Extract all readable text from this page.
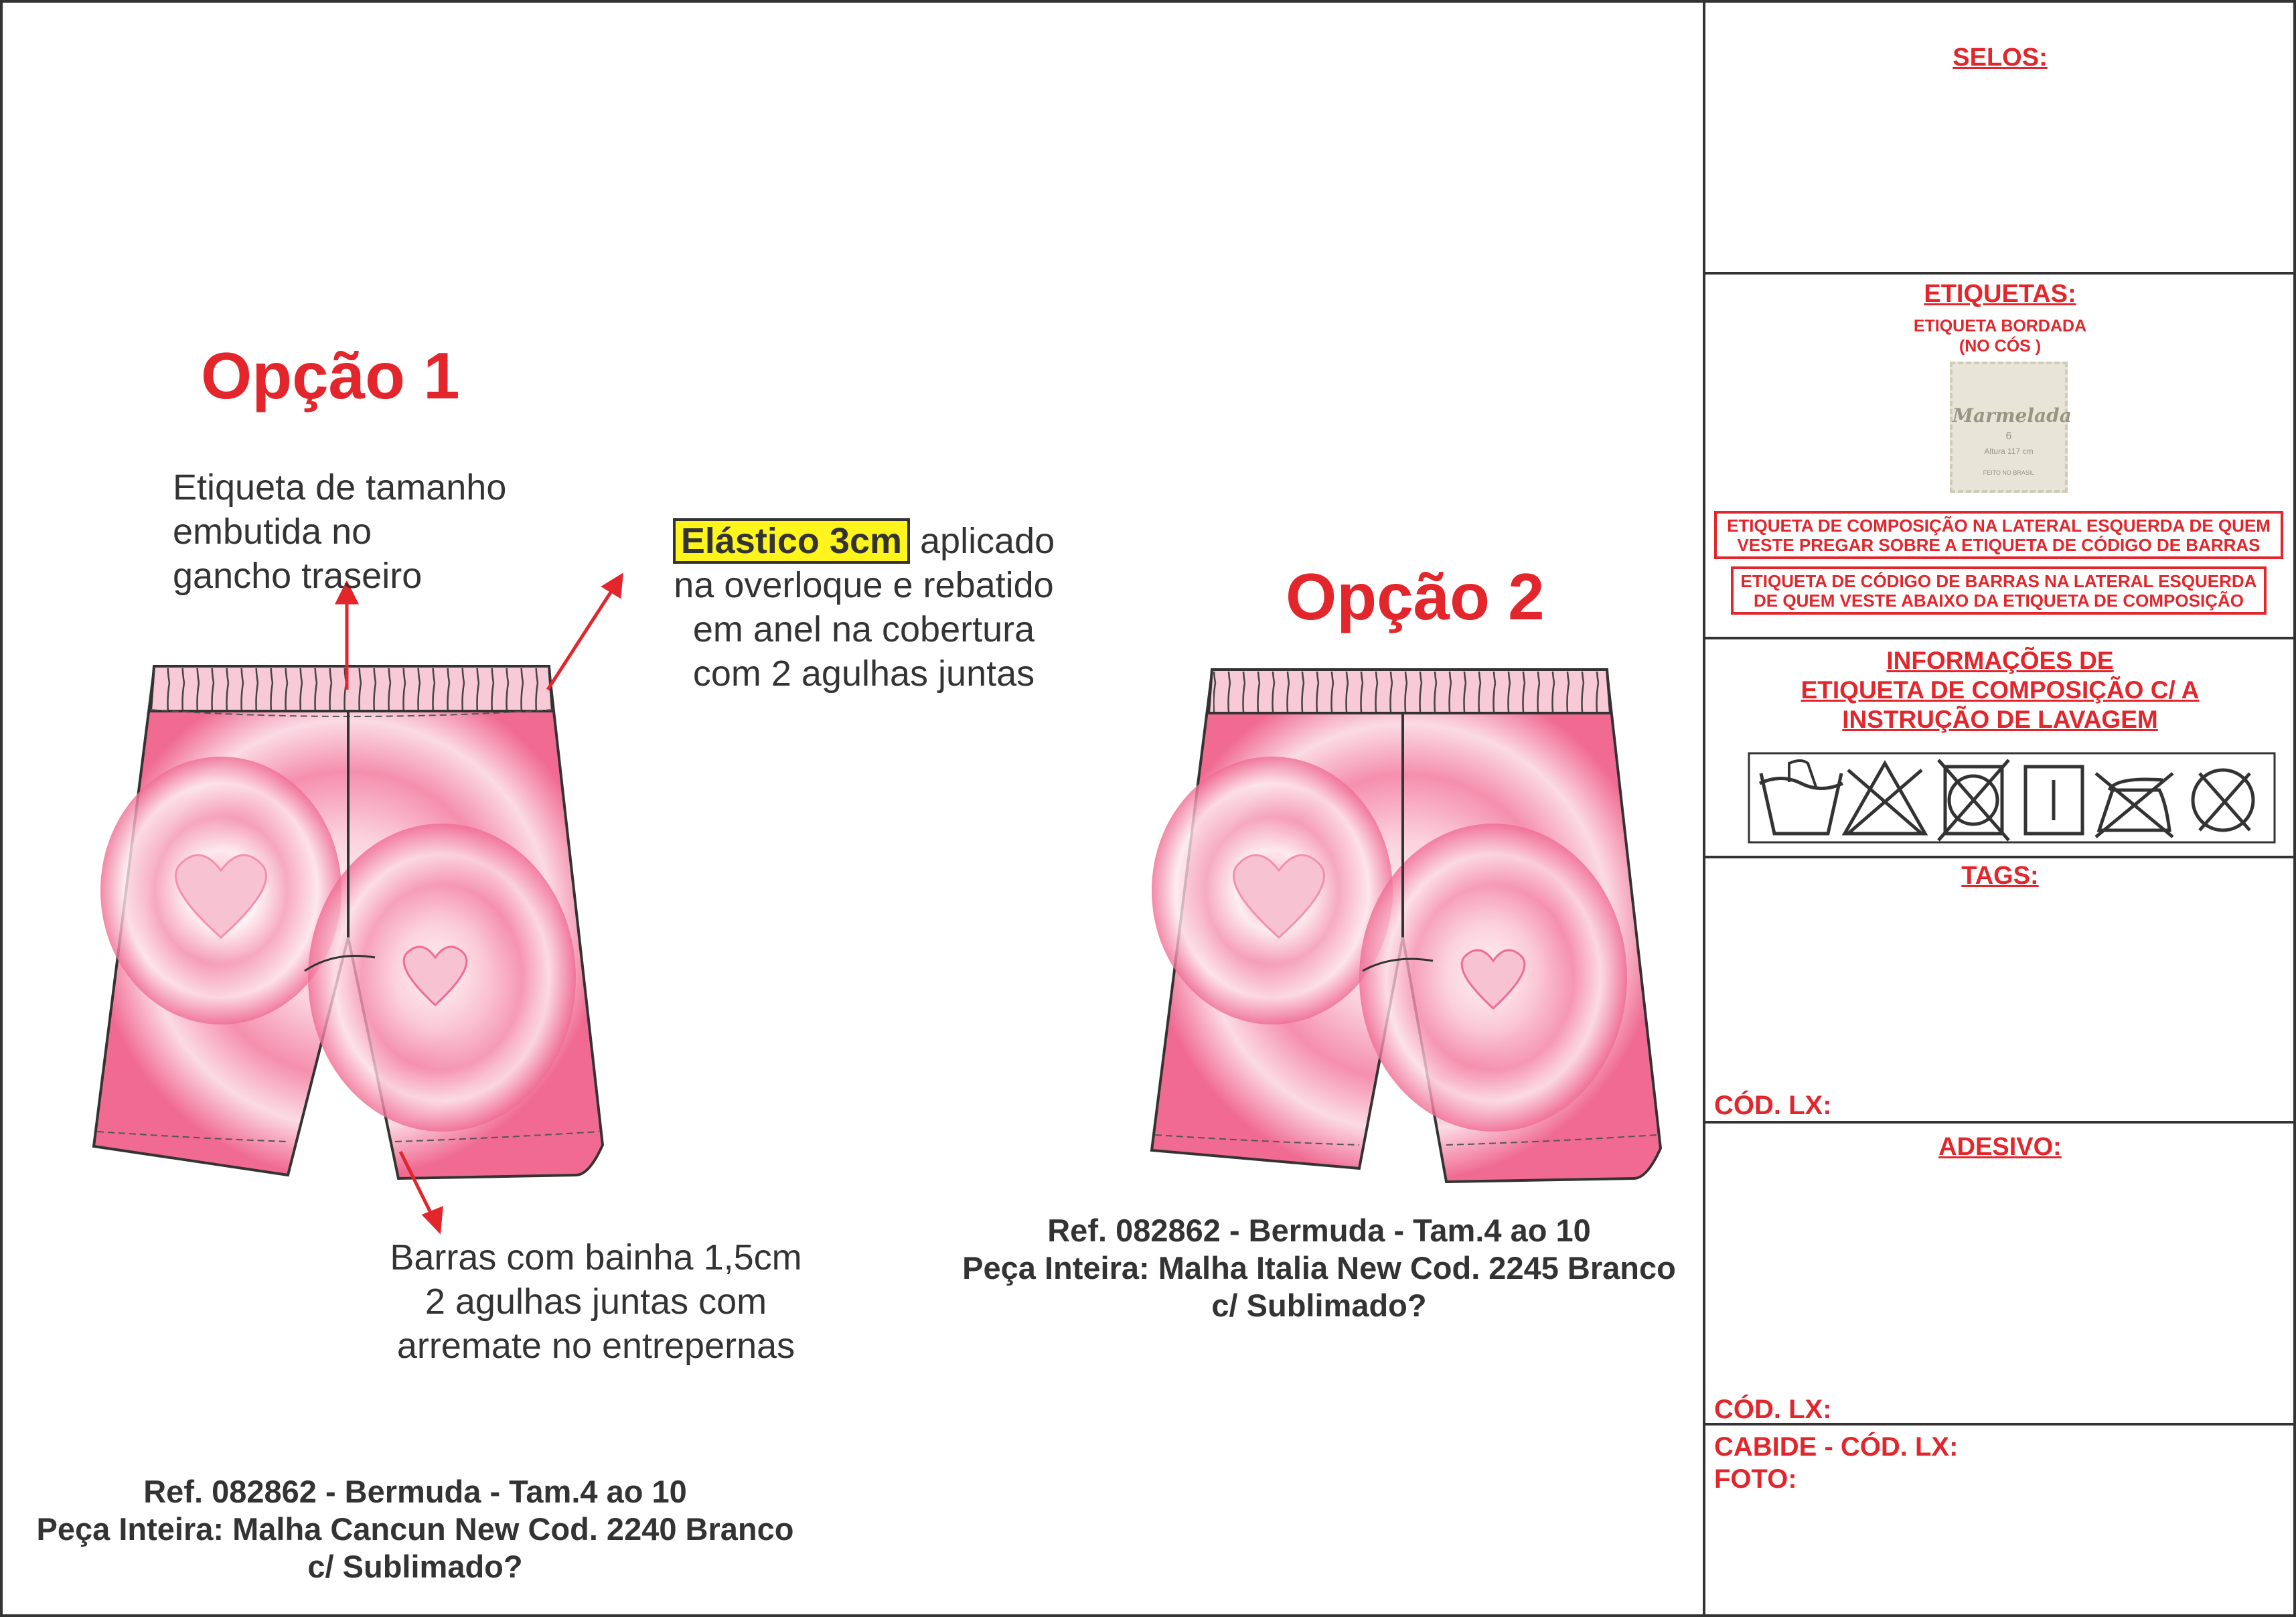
Opção 1
Etiqueta de tamanho
embutida no
gancho traseiro
Elástico 3cm aplicado
na overloque e rebatido
em anel na cobertura
com 2 agulhas juntas
Barras com bainha 1,5cm
2 agulhas juntas com
arremate no entrepernas
Ref. 082862 - Bermuda - Tam.4 ao 10
Peça Inteira: Malha Cancun New Cod. 2240 Branco
c/ Sublimado?
Opção 2
Ref. 082862 - Bermuda - Tam.4 ao 10
Peça Inteira: Malha Italia New Cod. 2245 Branco
c/ Sublimado?
SELOS:
ETIQUETAS:
ETIQUETA BORDADA
(NO CÓS )
Marmelada
6
Altura 117 cm
FEITO NO BRASIL
ETIQUETA DE COMPOSIÇÃO NA LATERAL ESQUERDA DE QUEM
VESTE PREGAR SOBRE A ETIQUETA DE CÓDIGO DE BARRAS
ETIQUETA DE CÓDIGO DE BARRAS NA LATERAL ESQUERDA
DE QUEM VESTE ABAIXO DA ETIQUETA DE COMPOSIÇÃO
INFORMAÇÕES DE
ETIQUETA DE COMPOSIÇÃO C/ A
INSTRUÇÃO DE LAVAGEM
TAGS:
CÓD. LX:
ADESIVO:
CÓD. LX:
CABIDE - CÓD. LX:
FOTO:
